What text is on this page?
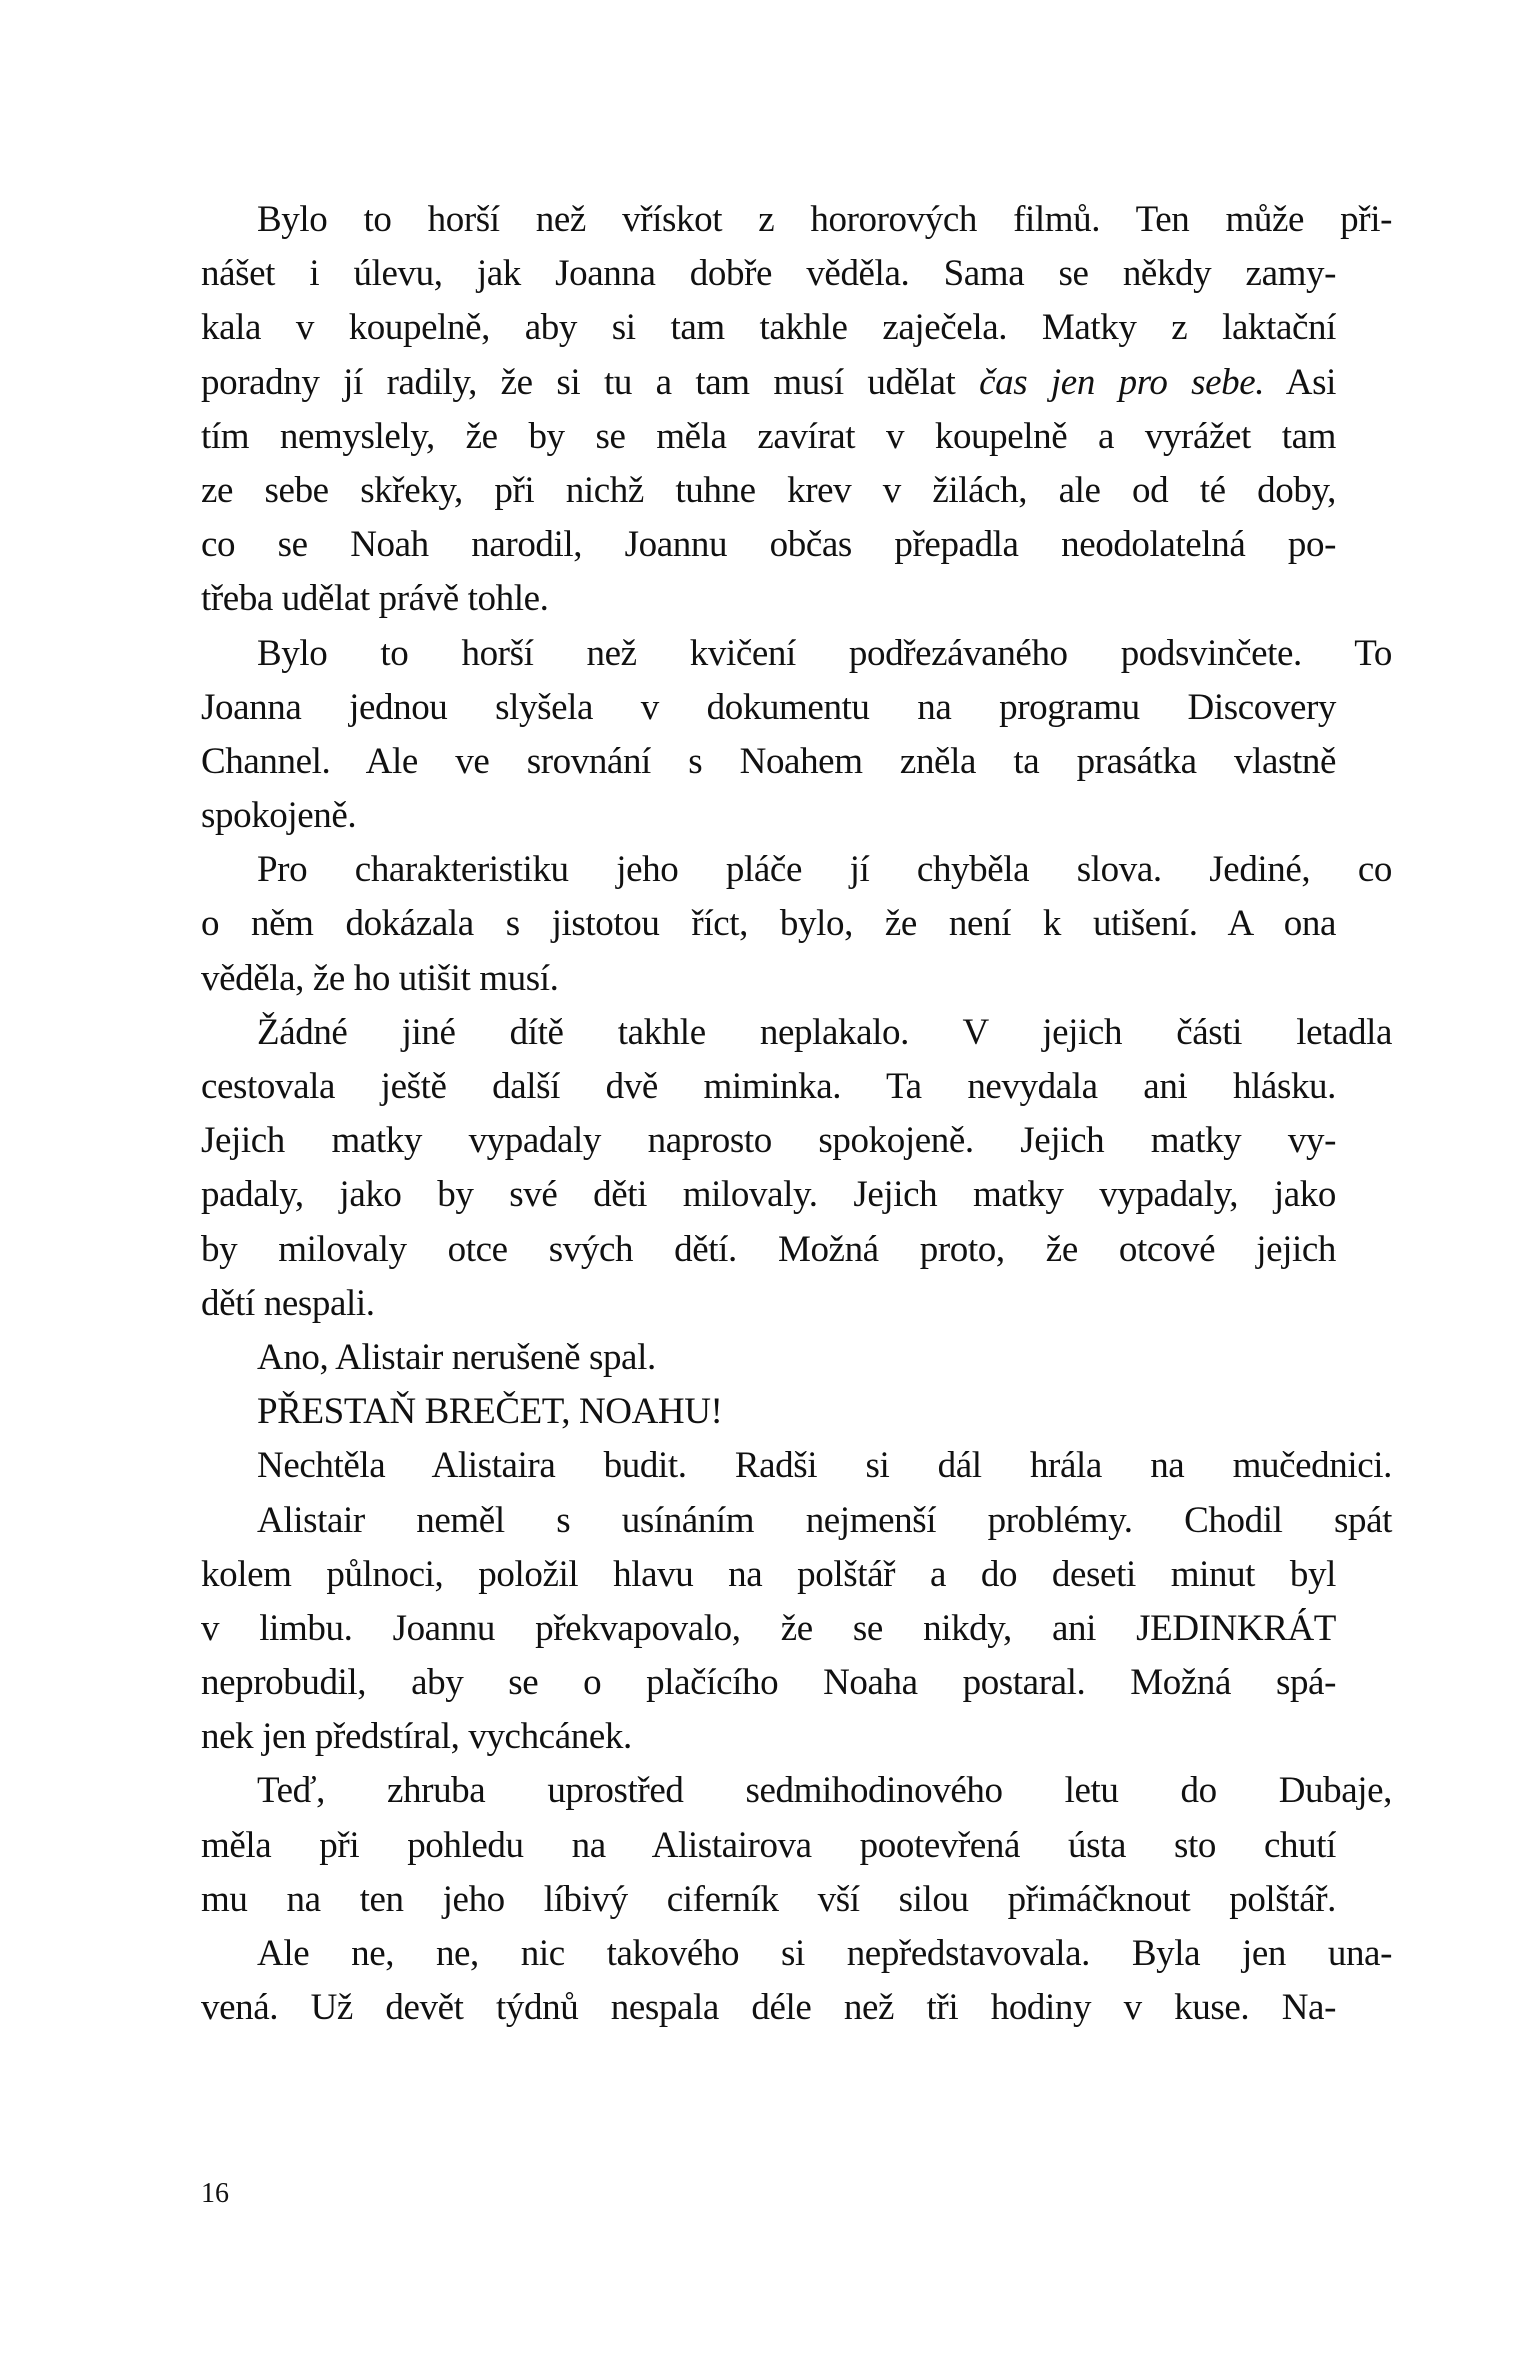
Bylo to horší než vřískot z hororových filmů. Ten může při-
nášet i úlevu, jak Joanna dobře věděla. Sama se někdy zamy-
kala v koupelně, aby si tam takhle zaječela. Matky z laktační
poradny jí radily, že si tu a tam musí udělat čas jen pro sebe. Asi
tím nemyslely, že by se měla zavírat v koupelně a vyrážet tam
ze sebe skřeky, při nichž tuhne krev v žilách, ale od té doby,
co se Noah narodil, Joannu občas přepadla neodolatelná po-
třeba udělat právě tohle.
Bylo to horší než kvičení podřezávaného podsvinčete. To
Joanna jednou slyšela v dokumentu na programu Discovery
Channel. Ale ve srovnání s Noahem zněla ta prasátka vlastně
spokojeně.
Pro charakteristiku jeho pláče jí chyběla slova. Jediné, co
o něm dokázala s jistotou říct, bylo, že není k utišení. A ona
věděla, že ho utišit musí.
Žádné jiné dítě takhle neplakalo. V jejich části letadla
cestovala ještě další dvě miminka. Ta nevydala ani hlásku.
Jejich matky vypadaly naprosto spokojeně. Jejich matky vy-
padaly, jako by své děti milovaly. Jejich matky vypadaly, jako
by milovaly otce svých dětí. Možná proto, že otcové jejich
dětí nespali.
Ano, Alistair nerušeně spal.
PŘESTAŇ BREČET, NOAHU!
Nechtěla Alistaira budit. Radši si dál hrála na mučednici.
Alistair neměl s usínáním nejmenší problémy. Chodil spát
kolem půlnoci, položil hlavu na polštář a do deseti minut byl
v limbu. Joannu překvapovalo, že se nikdy, ani JEDINKRÁT
neprobudil, aby se o plačícího Noaha postaral. Možná spá-
nek jen předstíral, vychcánek.
Teď, zhruba uprostřed sedmihodinového letu do Dubaje,
měla při pohledu na Alistairova pootevřená ústa sto chutí
mu na ten jeho líbivý ciferník vší silou přimáčknout polštář.
Ale ne, ne, nic takového si nepředstavovala. Byla jen una-
vená. Už devět týdnů nespala déle než tři hodiny v kuse. Na-
16
